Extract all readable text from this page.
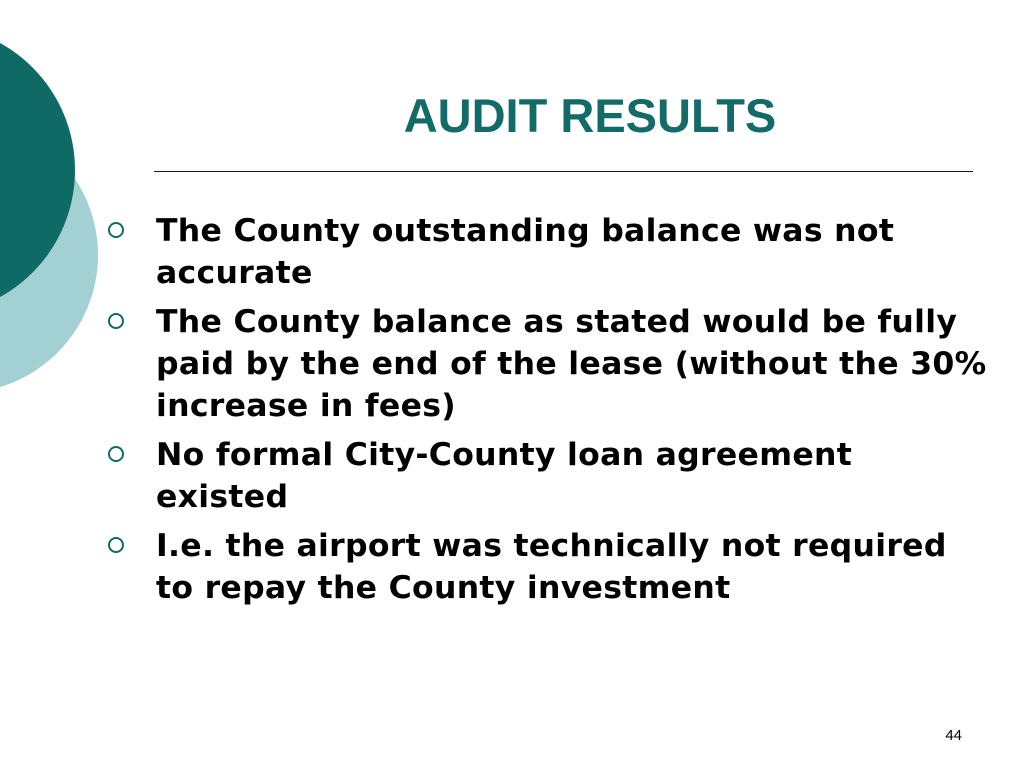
AUDIT RESULTS
The County outstanding balance was not accurate
The County balance as stated would be fully paid by the end of the lease (without the 30% increase in fees)
No formal City-County loan agreement existed
I.e. the airport was technically not required to repay the County investment
44
